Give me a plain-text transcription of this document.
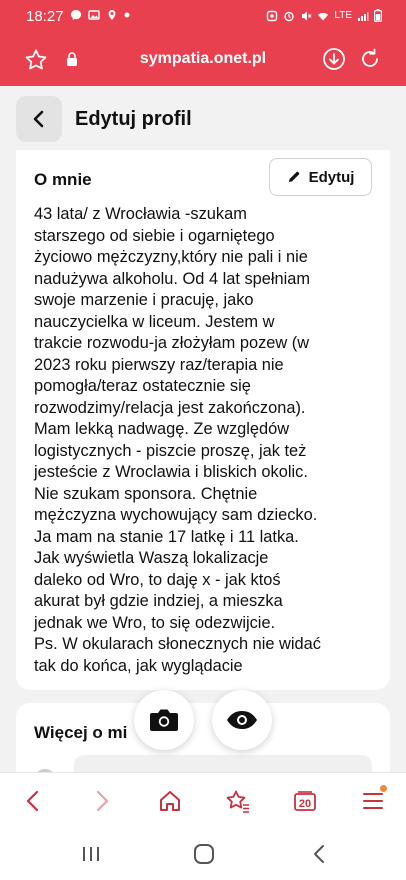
18:27	LTE
sympatia.onet.pl
Edytuj profil
O mnie	Edytuj
43 lata/ z Wrocławia -szukam
starszego od siebie i ogarniętego
życiowo mężczyzny,który nie pali i nie
nadużywa alkoholu. Od 4 lat spełniam
swoje marzenie i pracuję, jako
nauczycielka w liceum. Jestem w
trakcie rozwodu-ja złożyłam pozew (w
2023 roku pierwszy raz/terapia nie
pomogła/teraz ostatecznie się
rozwodzimy/relacja jest zakończona).
Mam lekką nadwagę. Ze względów
logistycznych - piszcie proszę, jak też
jesteście z Wroclawia i bliskich okolic.
Nie szukam sponsora. Chętnie
mężczyzna wychowujący sam dziecko.
Ja mam na stanie 17 latkę i 11 latka.
Jak wyświetla Waszą lokalizacje
daleko od Wro, to daję x - jak ktoś
akurat był gdzie indziej, a mieszka
jednak we Wro, to się odezwijcie.
Ps. W okularach słonecznych nie widać
tak do końca, jak wyglądacie
Więcej o mi
20
